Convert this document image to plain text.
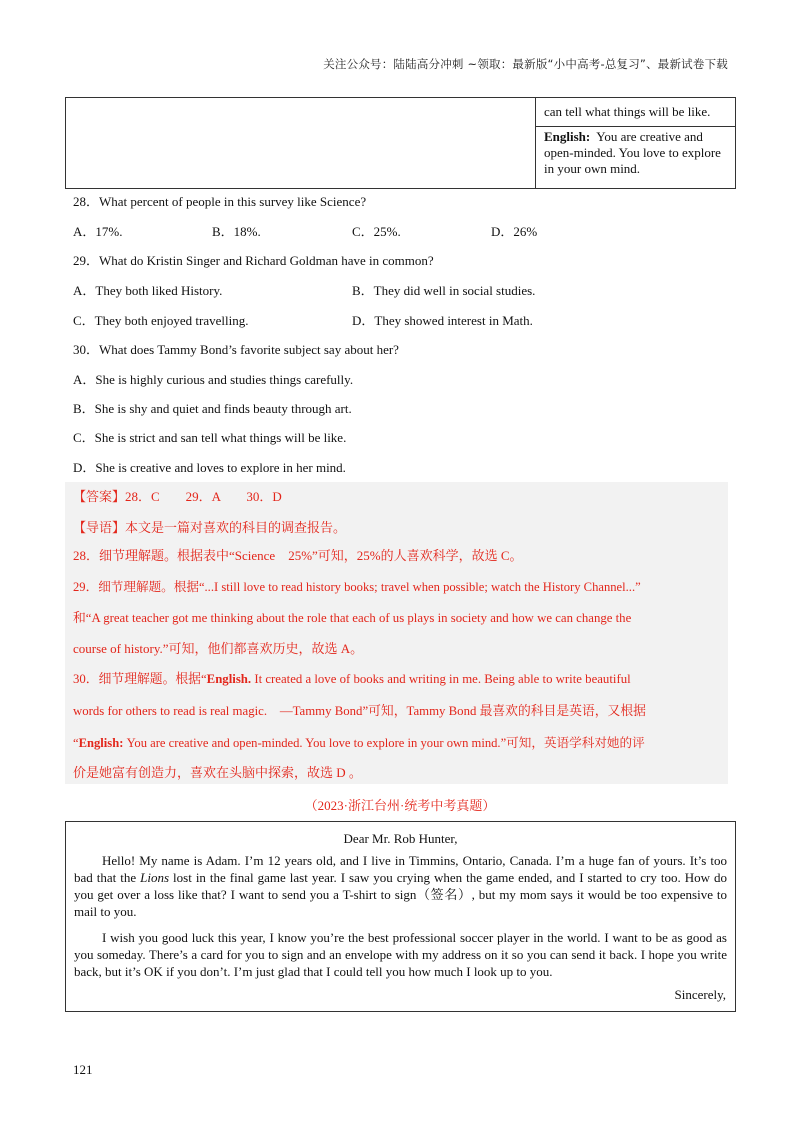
关注公众号：陆陆高分冲刺 ~领取：最新版“小中高考-总复习”、最新试卷下载
can tell what things will be like.
English: You are creative and open-minded. You love to explore in your own mind.
28．What percent of people in this survey like Science?
A．17%.	B．18%.	C．25%.	D．26%
29．What do Kristin Singer and Richard Goldman have in common?
A．They both liked History.	B．They did well in social studies.
C．They both enjoyed travelling.	D．They showed interest in Math.
30．What does Tammy Bond’s favorite subject say about her?
A．She is highly curious and studies things carefully.
B．She is shy and quiet and finds beauty through art.
C．She is strict and san tell what things will be like.
D．She is creative and loves to explore in her mind.
【答案】28．C　　29．A　　30．D
【导语】本文是一篇对喜欢的科目的调查报告。
28．细节理解题。根据表中“Science　25%”可知，25%的人喜欢科学，故选 C。
29．细节理解题。根据“...I still love to read history books; travel when possible; watch the History Channel...”
和“A great teacher got me thinking about the role that each of us plays in society and how we can change the
course of history.”可知，他们都喜欢历史，故选 A。
30．细节理解题。根据“English. It created a love of books and writing in me. Being able to write beautiful
words for others to read is real magic.　—Tammy Bond”可知，Tammy Bond 最喜欢的科目是英语，又根据
“English: You are creative and open-minded. You love to explore in your own mind.”可知，英语学科对她的评
价是她富有创造力，喜欢在头脑中探索，故选 D 。
（2023·浙江台州·统考中考真题）
Dear Mr. Rob Hunter,

Hello! My name is Adam. I’m 12 years old, and I live in Timmins, Ontario, Canada. I’m a huge fan of yours. It’s too bad that the Lions lost in the final game last year. I saw you crying when the game ended, and I started to cry too. How do you get over a loss like that? I want to send you a T-shirt to sign（签名）, but my mom says it would be too expensive to mail to you.

I wish you good luck this year, I know you’re the best professional soccer player in the world. I want to be as good as you someday. There’s a card for you to sign and an envelope with my address on it so you can send it back. I hope you write back, but it’s OK if you don’t. I’m just glad that I could tell you how much I look up to you.

Sincerely,
121
